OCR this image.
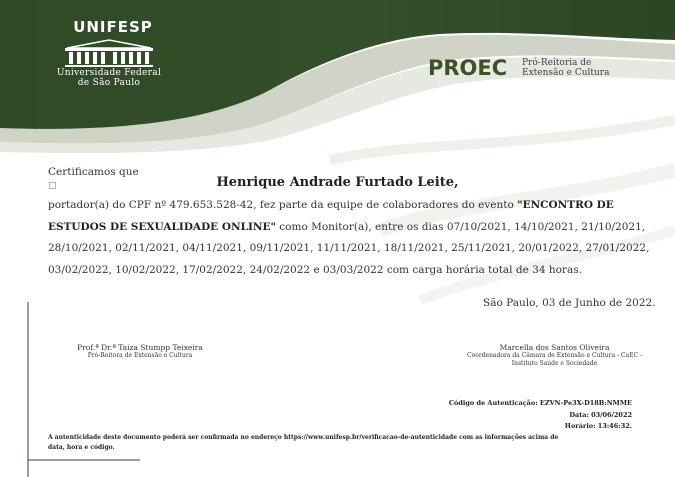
UNIFESP
Universidade Federal
de São Paulo
PROEC Pró-Reitoria de
Extensão e Cultura
Certificamos que
□	Henrique Andrade Furtado Leite,
portador(a) do CPF nº 479.653.528-42, fez parte da equipe de colaboradores do evento "ENCONTRO DE ESTUDOS DE SEXUALIDADE ONLINE" como Monitor(a), entre os dias 07/10/2021, 14/10/2021, 21/10/2021, 28/10/2021, 02/11/2021, 04/11/2021, 09/11/2021, 11/11/2021, 18/11/2021, 25/11/2021, 20/01/2022, 27/01/2022, 03/02/2022, 10/02/2022, 17/02/2022, 24/02/2022 e 03/03/2022 com carga horária total de 34 horas.
São Paulo, 03 de Junho de 2022.
Prof.ª Dr.ª Taiza Stumpp Teixeira
Pró-Reitora de Extensão e Cultura
Marcella dos Santos Oliveira
Coordenadora da Câmara de Extensão e Cultura - CaEC -
Instituto Saúde e Sociedade
Código de Autenticação: EZVN-Pe3X-D18B:NMME
Data: 03/06/2022
Horário: 13:46:32.
A autenticidade deste documento poderá ser confirmada no endereço https://www.unifesp.br/verificacao-de-autenticidade com as informações acima de data, hora e código.
